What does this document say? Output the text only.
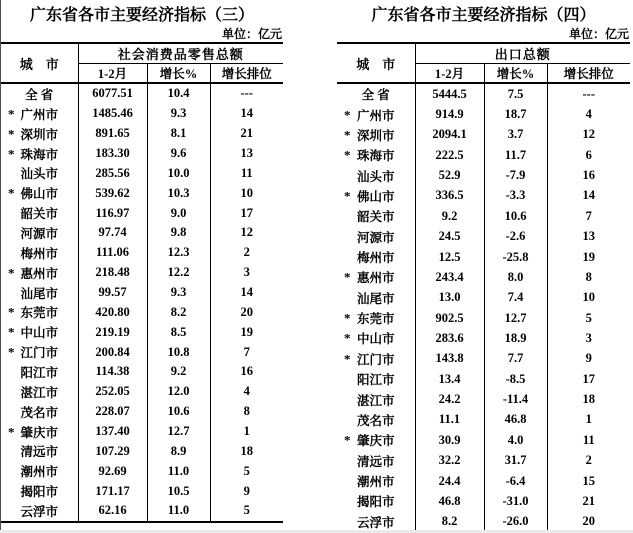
广东省各市主要经济指标（三）
单位：亿元
城　市	社会消费品零售总额		
	1-2月	增长%	增长排位
全 省	6077.51	10.4	---

* 广州市	1485.46	9.3	14

* 深圳市	891.65	8.1	21

* 珠海市	183.30	9.6	13
汕头市	285.56	10.0	11

* 佛山市	539.62	10.3	10
韶关市	116.97	9.0	17
河源市	97.74	9.8	12
梅州市	111.06	12.3	2

* 惠州市	218.48	12.2	3
汕尾市	99.57	9.3	14

* 东莞市	420.80	8.2	20

* 中山市	219.19	8.5	19

* 江门市	200.84	10.8	7
阳江市	114.38	9.2	16
湛江市	252.05	12.0	4
茂名市	228.07	10.6	8

* 肇庆市	137.40	12.7	1
清远市	107.29	8.9	18
潮州市	92.69	11.0	5
揭阳市	171.17	10.5	9
云浮市	62.16	11.0	5
广东省各市主要经济指标（四）
单位：亿元
城　市	出口总额		
	1-2月	增长%	增长排位
全 省	5444.5	7.5	---

* 广州市	914.9	18.7	4

* 深圳市	2094.1	3.7	12

* 珠海市	222.5	11.7	6
汕头市	52.9	-7.9	16

* 佛山市	336.5	-3.3	14
韶关市	9.2	10.6	7
河源市	24.5	-2.6	13
梅州市	12.5	-25.8	19

* 惠州市	243.4	8.0	8
汕尾市	13.0	7.4	10

* 东莞市	902.5	12.7	5

* 中山市	283.6	18.9	3

* 江门市	143.8	7.7	9
阳江市	13.4	-8.5	17
湛江市	24.2	-11.4	18
茂名市	11.1	46.8	1

* 肇庆市	30.9	4.0	11
清远市	32.2	31.7	2
潮州市	24.4	-6.4	15
揭阳市	46.8	-31.0	21
云浮市	8.2	-26.0	20
